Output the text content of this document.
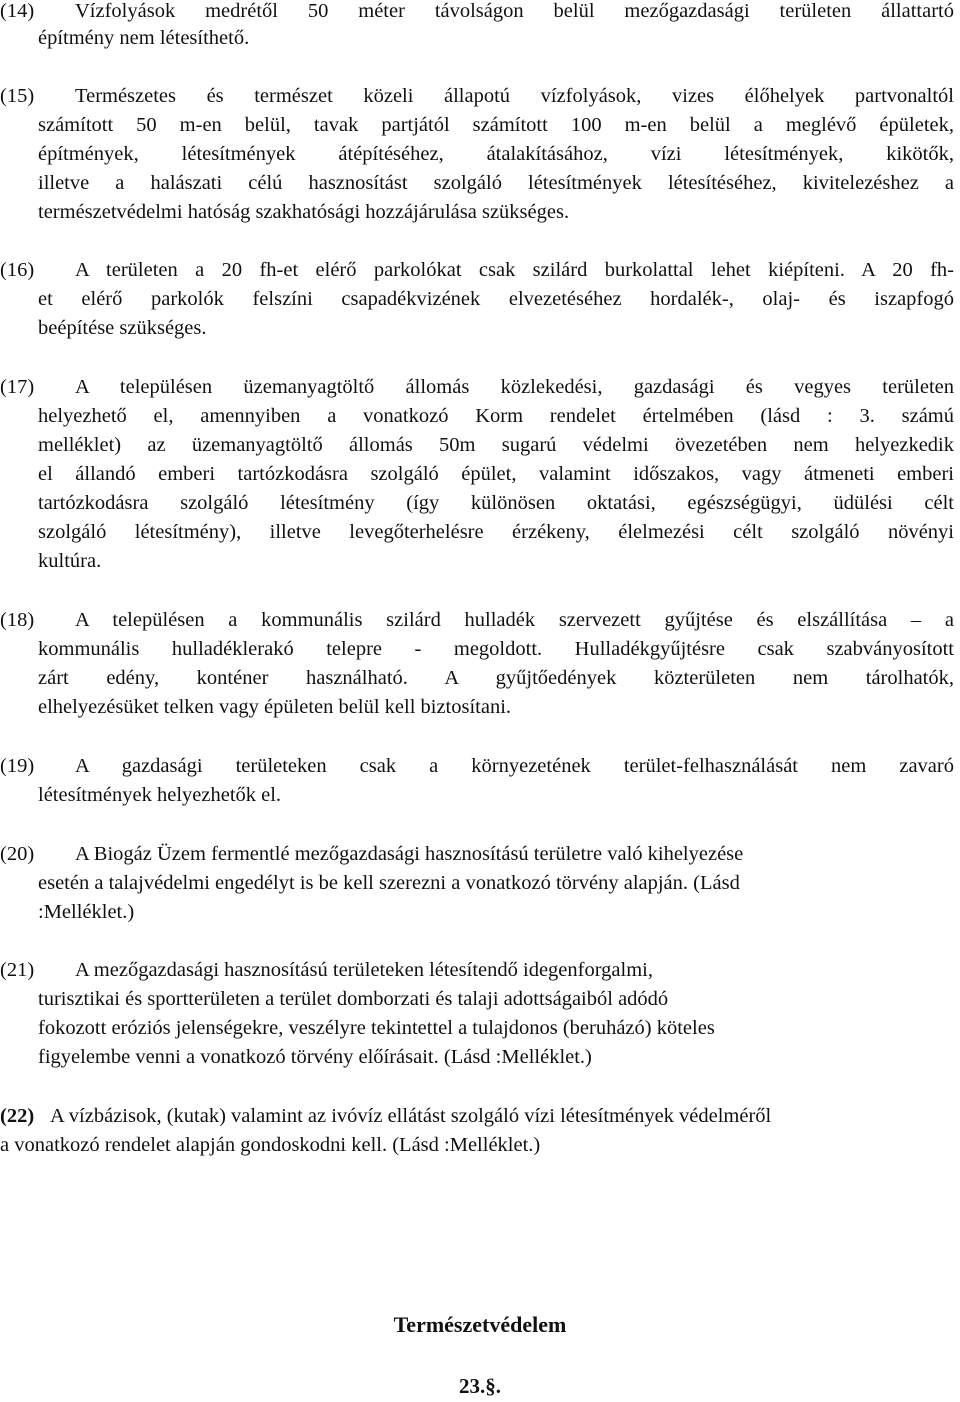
(14) Vízfolyások medrétől 50 méter távolságon belül mezőgazdasági területen állattartó
építmény nem létesíthető.
(15) Természetes és természet közeli állapotú vízfolyások, vizes élőhelyek partvonaltól
számított 50 m-en belül, tavak partjától számított 100 m-en belül a meglévő épületek,
építmények, létesítmények átépítéséhez, átalakításához, vízi létesítmények, kikötők,
illetve a halászati célú hasznosítást szolgáló létesítmények létesítéséhez, kivitelezéshez a
természetvédelmi hatóság szakhatósági hozzájárulása szükséges.
(16) A területen a 20 fh-et elérő parkolókat csak szilárd burkolattal lehet kiépíteni. A 20 fh-
et elérő parkolók felszíni csapadékvizének elvezetéséhez hordalék-, olaj- és iszapfogó
beépítése szükséges.
(17) A településen üzemanyagtöltő állomás közlekedési, gazdasági és vegyes területen
helyezhető el, amennyiben a vonatkozó Korm rendelet értelmében (lásd : 3. számú
melléklet) az üzemanyagtöltő állomás 50m sugarú védelmi övezetében nem helyezkedik
el állandó emberi tartózkodásra szolgáló épület, valamint időszakos, vagy átmeneti emberi
tartózkodásra szolgáló létesítmény (így különösen oktatási, egészségügyi, üdülési célt
szolgáló létesítmény), illetve levegőterhelésre érzékeny, élelmezési célt szolgáló növényi
kultúra.
(18) A településen a kommunális szilárd hulladék szervezett gyűjtése és elszállítása – a
kommunális hulladéklerakó telepre - megoldott. Hulladékgyűjtésre csak szabványosított
zárt edény, konténer használható. A gyűjtőedények közterületen nem tárolhatók,
elhelyezésüket telken vagy épületen belül kell biztosítani.
(19) A gazdasági területeken csak a környezetének terület-felhasználását nem zavaró
létesítmények helyezhetők el.
(20) A Biogáz Üzem fermentlé mezőgazdasági hasznosítású területre való kihelyezése
esetén a talajvédelmi engedélyt is be kell szerezni a vonatkozó törvény alapján. (Lásd
:Melléklet.)
(21) A mezőgazdasági hasznosítású területeken létesítendő idegenforgalmi,
turisztikai és sportterületen a terület domborzati és talaji adottságaiból adódó
fokozott eróziós jelenségekre, veszélyre tekintettel a tulajdonos (beruházó) köteles
figyelembe venni a vonatkozó törvény előírásait. (Lásd :Melléklet.)
(22) A vízbázisok, (kutak) valamint az ivóvíz ellátást szolgáló vízi létesítmények védelméről
a vonatkozó rendelet alapján gondoskodni kell. (Lásd :Melléklet.)
Természetvédelem
23.§.
